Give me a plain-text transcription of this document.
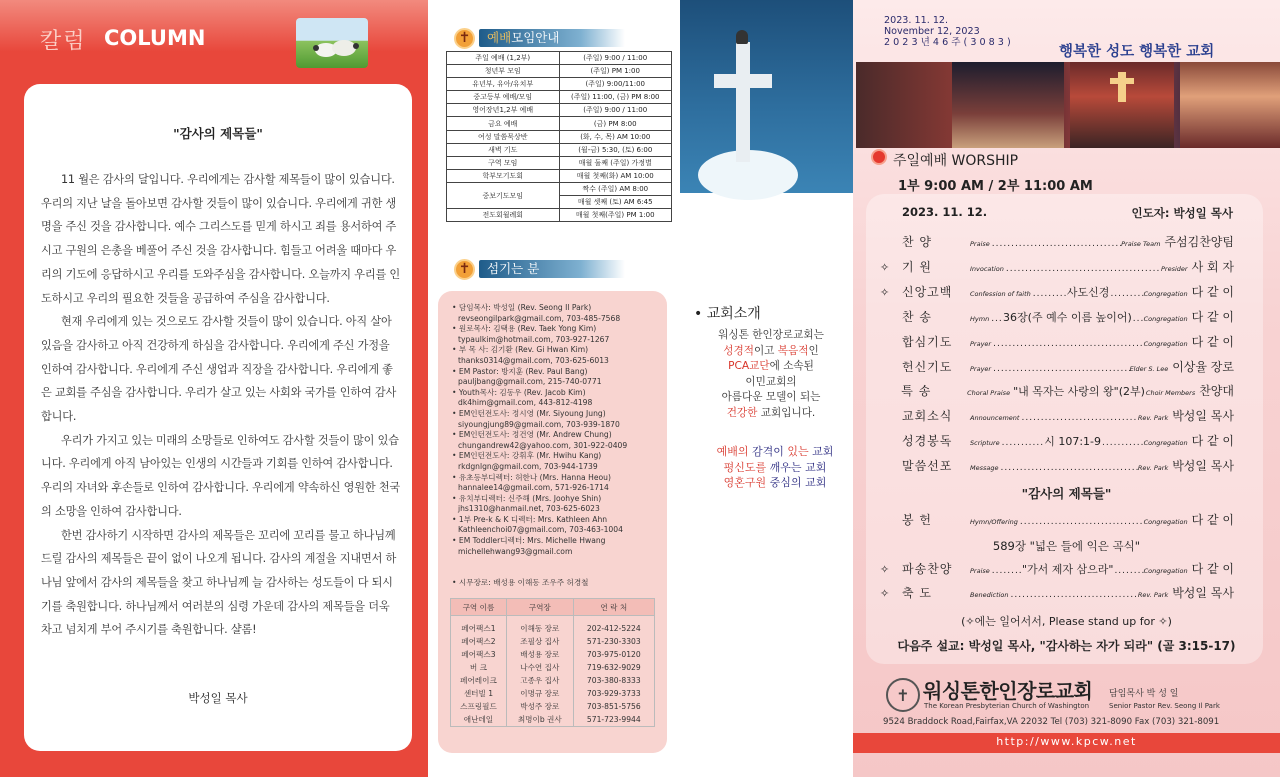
칼럼 COLUMN
"감사의 제목들"

11 월은 감사의 달입니다. 우리에게는 감사할 제목들이 많이 있습니다. 우리의 지난 날을 돌아보면 감사할 것들이 많이 있습니다. 우리에게 귀한 생명을 주신 것을 감사합니다. 예수 그리스도를 믿게 하시고 죄를 용서하여 주시고 구원의 은총을 베풀어 주신 것을 감사합니다. 힘들고 어려울 때마다 우리의 기도에 응답하시고 우리를 도와주심을 감사합니다. 오늘까지 우리를 인도하시고 우리의 필요한 것들을 공급하여 주심을 감사합니다.

현재 우리에게 있는 것으로도 감사할 것들이 많이 있습니다. 아직 살아있음을 감사하고 아직 건강하게 하심을 감사합니다. 우리에게 주신 가정을 인하여 감사합니다. 우리에게 주신 생업과 직장을 감사합니다. 우리에게 좋은 교회를 주심을 감사합니다. 우리가 살고 있는 사회와 국가를 인하여 감사합니다.

우리가 가지고 있는 미래의 소망들로 인하여도 감사할 것들이 많이 있습니다. 우리에게 아직 남아있는 인생의 시간들과 기회를 인하여 감사합니다. 우리의 자녀와 후손들로 인하여 감사합니다. 우리에게 약속하신 영원한 천국의 소망을 인하여 감사합니다.

한번 감사하기 시작하면 감사의 제목들은 꼬리에 꼬리를 물고 하나님께 드릴 감사의 제목들은 끝이 없이 나오게 됩니다. 감사의 계절을 지내면서 하나님 앞에서 감사의 제목들을 찾고 하나님께 늘 감사하는 성도들이 다 되시기를 축원합니다. 하나님께서 여러분의 심령 가운데 감사의 제목들을 더욱 차고 넘치게 부어 주시기를 축원합니다. 샬롬!

박성일 목사
✝	예배모임안내
주일 예배 (1,2부)	(주일) 9:00 / 11:00
청년부 모임	(주일) PM 1:00
유년부, 유아/유치부	(주일) 9:00/11:00
중고등부 예배/모임	(주일) 11:00, (금) PM 8:00
영어장년1,2부 예배	(주일) 9:00 / 11:00
금요 예배	(금) PM 8:00
여성 말씀묵상반	(화, 수, 목) AM 10:00
새벽 기도	(월-금) 5:30, (토) 6:00
구역 모임	매월 둘째 (주일) 가정별
학부모기도회	매월 첫째(화) AM 10:00
중보기도모임	짝수 (주일) AM 8:00
	매월 셋째 (토) AM 6:45
전도회월례회	매월 첫째(주일) PM 1:00
✝	섬기는 분
• 담임목사: 박성일 (Rev. Seong Il Park)
revseongilpark@gmail.com, 703-485-7568
• 원로목사: 김택용 (Rev. Taek Yong Kim)
typaulkim@hotmail.com, 703-927-1267
• 부 목 사: 김기환 (Rev. Gi Hwan Kim)
thanks0314@gmail.com, 703-625-6013
• EM Pastor: 방지훈 (Rev. Paul Bang)
pauljbang@gmail.com, 215-740-0771
• Youth목사: 김동우 (Rev. Jacob Kim)
dk4him@gmail.com, 443-812-4198
• EM인턴전도사: 정시영 (Mr. Siyoung Jung)
siyoungjung89@gmail.com, 703-939-1870
• EM인턴전도사: 정건영 (Mr. Andrew Chung)
chungandrew42@yahoo.com, 301-922-0409
• EM인턴전도사: 강휘후 (Mr. Hwihu Kang)
rkdgnlgn@gmail.com, 703-944-1739
• 유초등부디렉터: 허한나 (Mrs. Hanna Heou)
hannalee14@gmail.com, 571-926-1714
• 유치부디렉터: 신주해 (Mrs. Joohye Shin)
jhs1310@hanmail.net, 703-625-6023
• 1부 Pre-k & K 디렉터: Mrs. Kathleen Ahn
Kathleenchoi07@gmail.com, 703-463-1004
• EM Toddler디렉터: Mrs. Michelle Hwang
michellehwang93@gmail.com
• 시무장로: 배성용 이해동 조우주 허경철
구역 이름	구역장	연 락 처
페어팩스1	이해동 장로	202-412-5224
페어팩스2	조필상 집사	571-230-3303
페어팩스3	배성용 장로	703-975-0120
버 크	나수연 집사	719-632-9029
페어레이크	고종우 집사	703-380-8333
센터빌 1	이명규 장로	703-929-3733
스프링필드	박성주 장로	703-851-5756
애난데일	최명이b 권사	571-723-9944
• 교회소개
워싱톤 한인장로교회는
성경적이고 복음적인
PCA교단에 소속된
이민교회의
아름다운 모델이 되는
건강한 교회입니다.
예배의 감격이 있는 교회
평신도를 깨우는 교회
영혼구원 중심의 교회
2023. 11. 12.
November 12, 2023
2 0 2 3 년 4 6 주 ( 3 0 8 3 )
행복한 성도 행복한 교회
주일예배 WORSHIP
1부 9:00 AM / 2부 11:00 AM
2023. 11. 12.	인도자: 박성일 목사
찬 양	Praise .....	Praise Team 주섬김찬양팀
✧	기 원	Invocation .....	Presider 사 회 자
✧	신앙고백	Confession of faith .....	사도신경 .....	Congregation 다 같 이
찬 송	Hymn ..... 36장(주 예수 이름 높이어) ..... Congregation 다 같 이
합심기도	Prayer .....	Congregation 다 같 이
헌신기도	Prayer .....	Elder S. Lee 이상율 장로
특 송	Choral Praise "내 목자는 사랑의 왕"(2부) Choir Members 찬양대
교회소식	Announcement .....	Rev. Park 박성일 목사
성경봉독	Scripture .....	시 107:1-9 .....	Congregation 다 같 이
말씀선포	Message .....	Rev. Park 박성일 목사
봉 헌	Hymn/Offering .....	Congregation 다 같 이
✧	파송찬양	Praise .....	"가서 제자 삼으라" .....	Congregation 다 같 이
✧	축 도	Benediction .....	Rev. Park 박성일 목사
"감사의 제목들"
589장 "넓은 들에 익은 곡식"
(✧에는 일어서서, Please stand up for ✧)
다음주 설교: 박성일 목사, "감사하는 자가 되라" (골 3:15-17)
✝ 워싱톤한인장로교회
The Korean Presbyterian Church of Washington
담임목사 박 성 일
Senior Pastor Rev. Seong Il Park
9524 Braddock Road,Fairfax,VA 22032 Tel (703) 321-8090 Fax (703) 321-8091
http://www.kpcw.net
